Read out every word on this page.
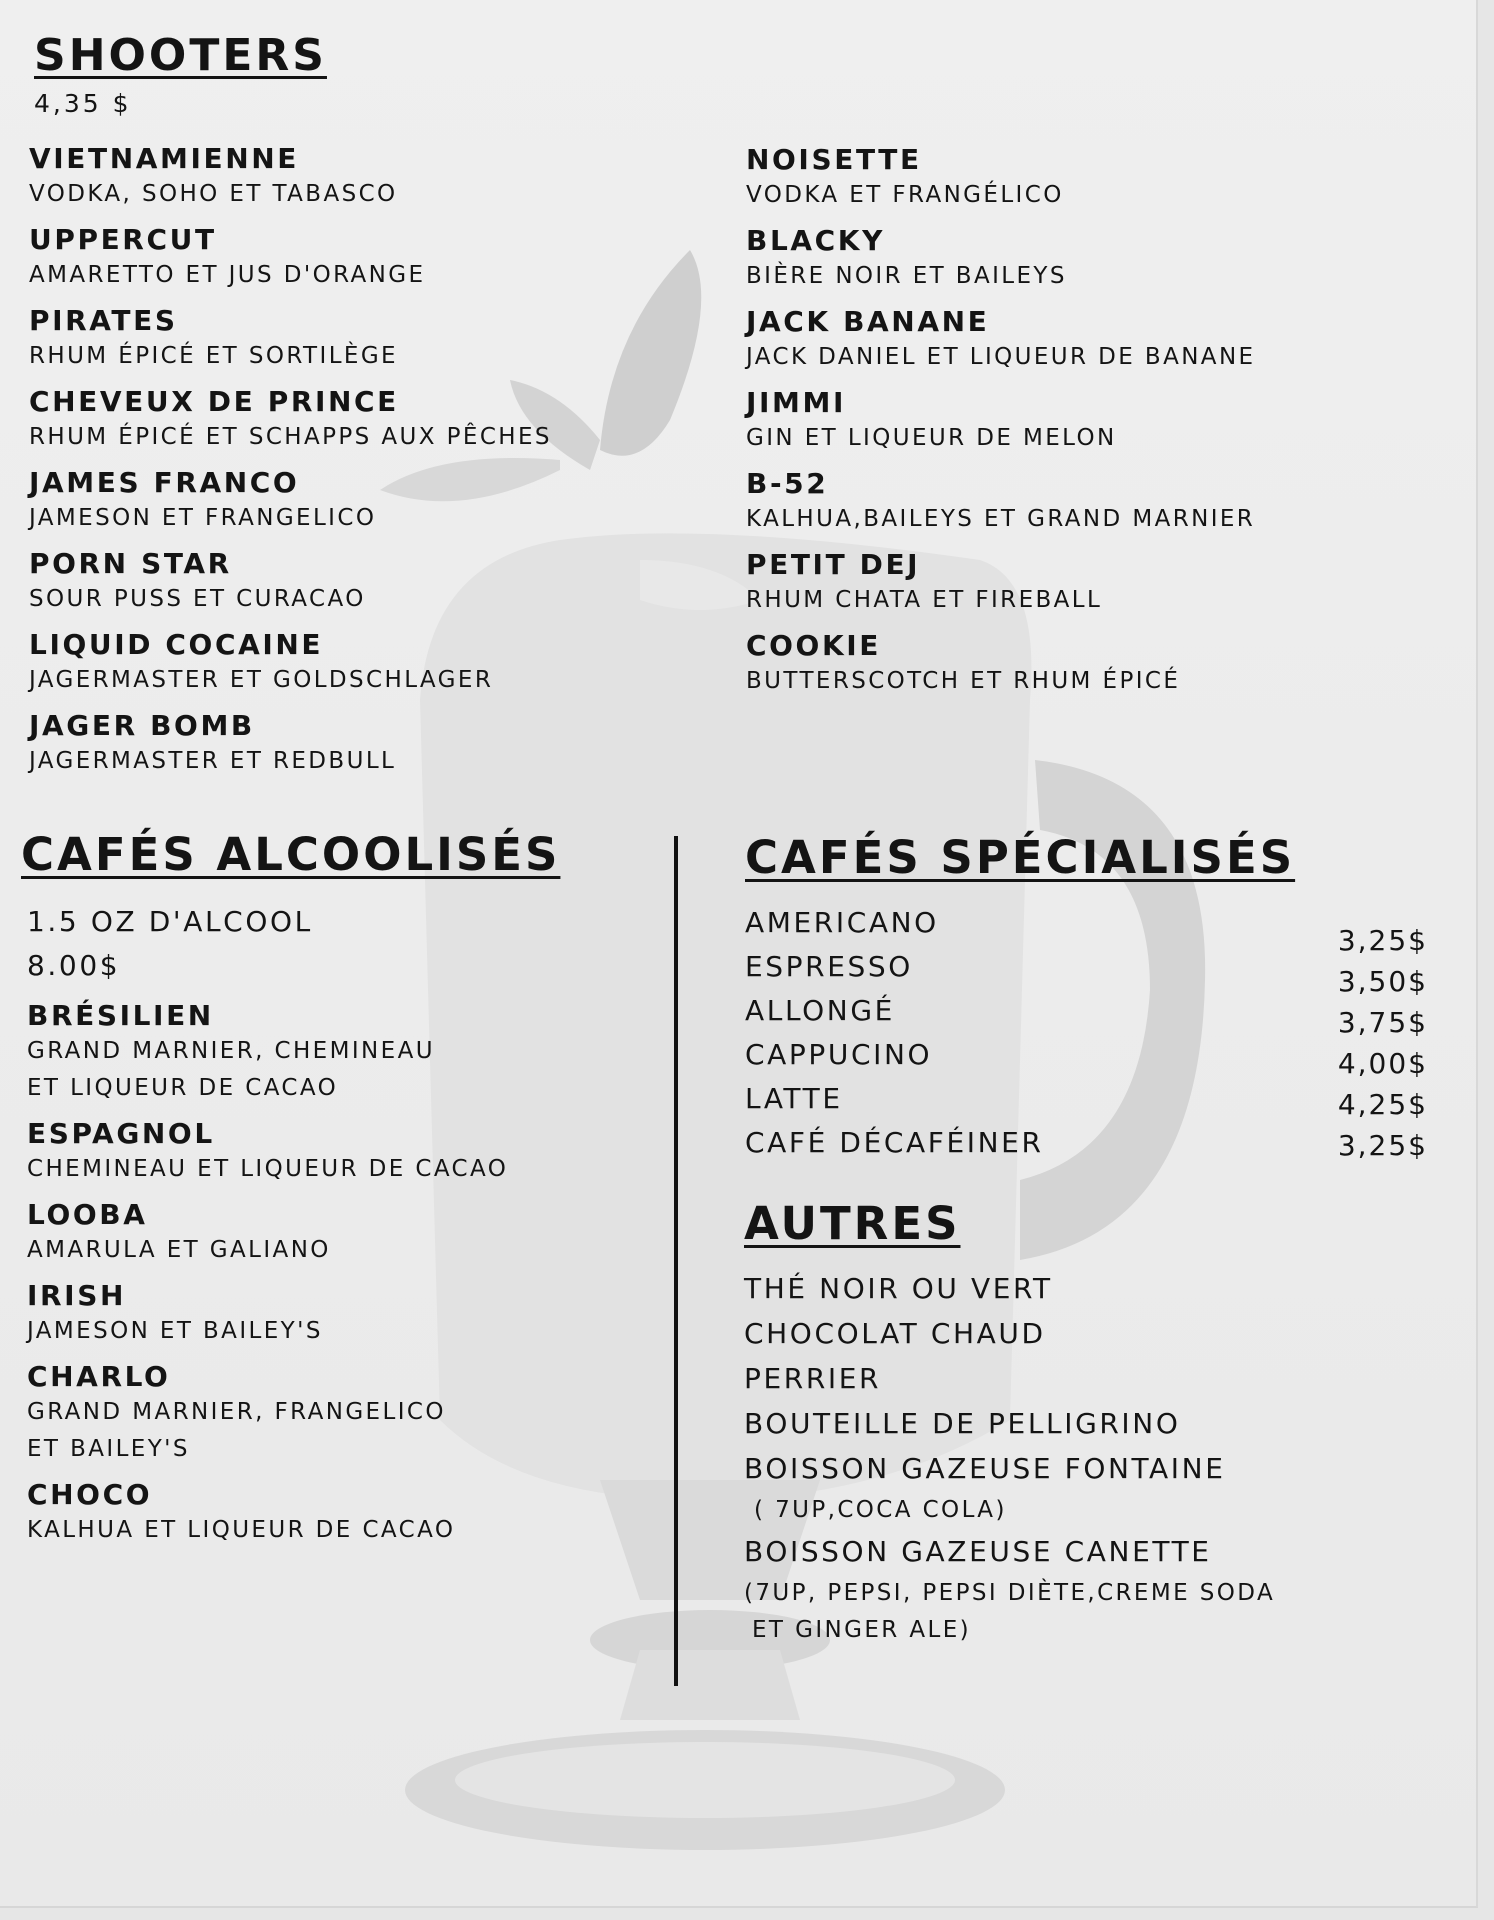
SHOOTERS
4,35 $
VIETNAMIENNE
VODKA, SOHO ET TABASCO
UPPERCUT
AMARETTO ET JUS D'ORANGE
PIRATES
RHUM ÉPICÉ ET SORTILÈGE
CHEVEUX DE PRINCE
RHUM ÉPICÉ ET SCHAPPS AUX PÊCHES
JAMES FRANCO
JAMESON ET FRANGELICO
PORN STAR
SOUR PUSS ET CURACAO
LIQUID COCAINE
JAGERMASTER ET GOLDSCHLAGER
JAGER BOMB
JAGERMASTER ET REDBULL
NOISETTE
VODKA ET FRANGÉLICO
BLACKY
BIÈRE NOIR ET BAILEYS
JACK BANANE
JACK DANIEL ET LIQUEUR DE BANANE
JIMMI
GIN ET LIQUEUR DE MELON
B-52
KALHUA,BAILEYS ET GRAND MARNIER
PETIT DEJ
RHUM CHATA ET FIREBALL
COOKIE
BUTTERSCOTCH ET RHUM ÉPICÉ
CAFÉS ALCOOLISÉS
1.5 OZ D'ALCOOL
8.00$
BRÉSILIEN
GRAND MARNIER, CHEMINEAU
ET LIQUEUR DE CACAO
ESPAGNOL
CHEMINEAU ET LIQUEUR DE CACAO
LOOBA
AMARULA ET GALIANO
IRISH
JAMESON ET BAILEY'S
CHARLO
GRAND MARNIER, FRANGELICO
ET BAILEY'S
CHOCO
KALHUA ET LIQUEUR DE CACAO
CAFÉS SPÉCIALISÉS
AMERICANO
ESPRESSO
ALLONGÉ
CAPPUCINO
LATTE
CAFÉ DÉCAFÉINER
3,25$
3,50$
3,75$
4,00$
4,25$
3,25$
AUTRES
THÉ NOIR OU VERT
CHOCOLAT CHAUD
PERRIER
BOUTEILLE DE PELLIGRINO
BOISSON GAZEUSE FONTAINE
( 7UP,COCA COLA)
BOISSON GAZEUSE CANETTE
(7UP, PEPSI, PEPSI DIÈTE,CREME SODA
ET GINGER ALE)
